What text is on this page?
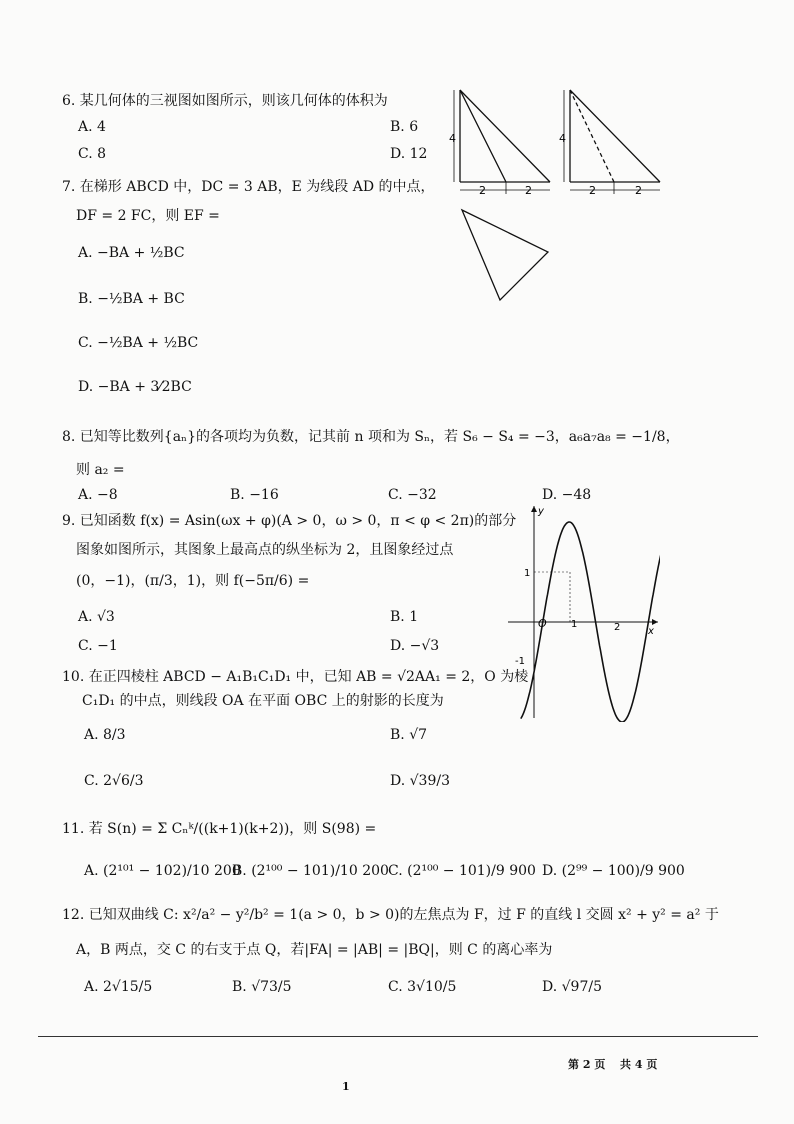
6. 某几何体的三视图如图所示，则该几何体的体积为
A. 4	B. 6
C. 8	D. 12
4
2	2
4
2	2
7. 在梯形 ABCD 中，DC = 3 AB，E 为线段 AD 的中点，
DF = 2 FC，则 EF =
A. −BA + ½BC
B. −½BA + BC
C. −½BA + ½BC
D. −BA + 3⁄2BC
8. 已知等比数列{aₙ}的各项均为负数，记其前 n 项和为 Sₙ，若 S₆ − S₄ = −3，a₆a₇a₈ = −1/8，
则 a₂ =
A. −8	B. −16	C. −32	D. −48
9. 已知函数 f(x) = Asin(ωx + φ)(A > 0，ω > 0，π < φ < 2π)的部分
图象如图所示，其图象上最高点的纵坐标为 2，且图象经过点
(0，−1)，(π/3，1)，则 f(−5π/6) =
A. √3	B. 1
C. −1	D. −√3
y
x
O 1	2
1
-1
10. 在正四棱柱 ABCD − A₁B₁C₁D₁ 中，已知 AB = √2AA₁ = 2，O 为棱
C₁D₁ 的中点，则线段 OA 在平面 OBC 上的射影的长度为
A. 8/3	B. √7
C. 2√6/3	D. √39/3
11. 若 S(n) = Σ Cₙᵏ/((k+1)(k+2))，则 S(98) =
A. (2¹⁰¹ − 102)/10 200
B. (2¹⁰⁰ − 101)/10 200 C. (2¹⁰⁰ − 101)/9 900 D. (2⁹⁹ − 100)/9 900
12. 已知双曲线 C: x²/a² − y²/b² = 1(a > 0，b > 0)的左焦点为 F，过 F 的直线 l 交圆 x² + y² = a² 于
A，B 两点，交 C 的右支于点 Q，若|FA| = |AB| = |BQ|，则 C 的离心率为
A. 2√15/5	B. √73/5	C. 3√10/5	D. √97/5
第 2 页 共 4 页
1
